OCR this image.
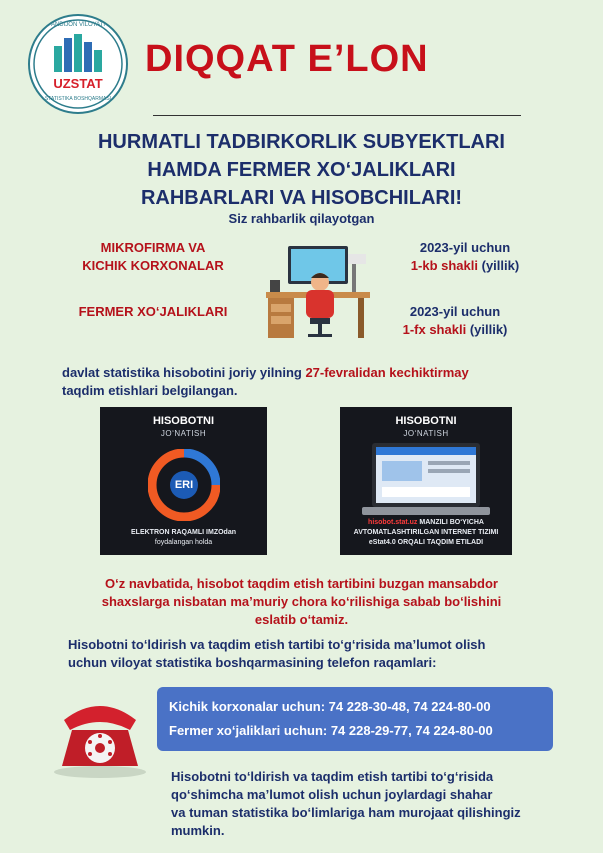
ANDIJON VILOYATI
UZSTAT
STATISTIKA BOSHQARMASI
DIQQAT E’LON
HURMATLI TADBIRKORLIK SUBYEKTLARI
HAMDA FERMER XO‘JALIKLARI
RAHBARLARI VA HISOBCHILARI!
Siz rahbarlik qilayotgan
MIKROFIRMA VA
KICHIK KORXONALAR
2023-yil uchun
1-kb shakli (yillik)
FERMER XO‘JALIKLARI	2023-yil uchun
1-fx shakli (yillik)
davlat statistika hisobotini joriy yilning 27-fevralidan kechiktirmay
taqdim etishlari belgilangan.
HISOBOTNI
JO‘NATISH
ERI
ELEKTRON RAQAMLI IMZOdan
foydalangan holda
HISOBOTNI
JO‘NATISH
hisobot.stat.uz MANZILI BO‘YICHA
AVTOMATLASHTIRILGAN INTERNET TIZIMI
eStat4.0 ORQALI TAQDIM ETILADI
O‘z navbatida, hisobot taqdim etish tartibini buzgan mansabdor
shaxslarga nisbatan ma’muriy chora ko‘rilishiga sabab bo‘lishini
eslatib o‘tamiz.
Hisobotni to‘ldirish va taqdim etish tartibi to‘g‘risida ma’lumot olish
uchun viloyat statistika boshqarmasining telefon raqamlari:
Kichik korxonalar uchun: 74 228-30-48, 74 224-80-00
Fermer xo‘jaliklari uchun: 74 228-29-77, 74 224-80-00
Hisobotni to‘ldirish va taqdim etish tartibi to‘g‘risida
qo‘shimcha ma’lumot olish uchun joylardagi shahar
va tuman statistika bo‘limlariga ham murojaat qilishingiz
mumkin.
